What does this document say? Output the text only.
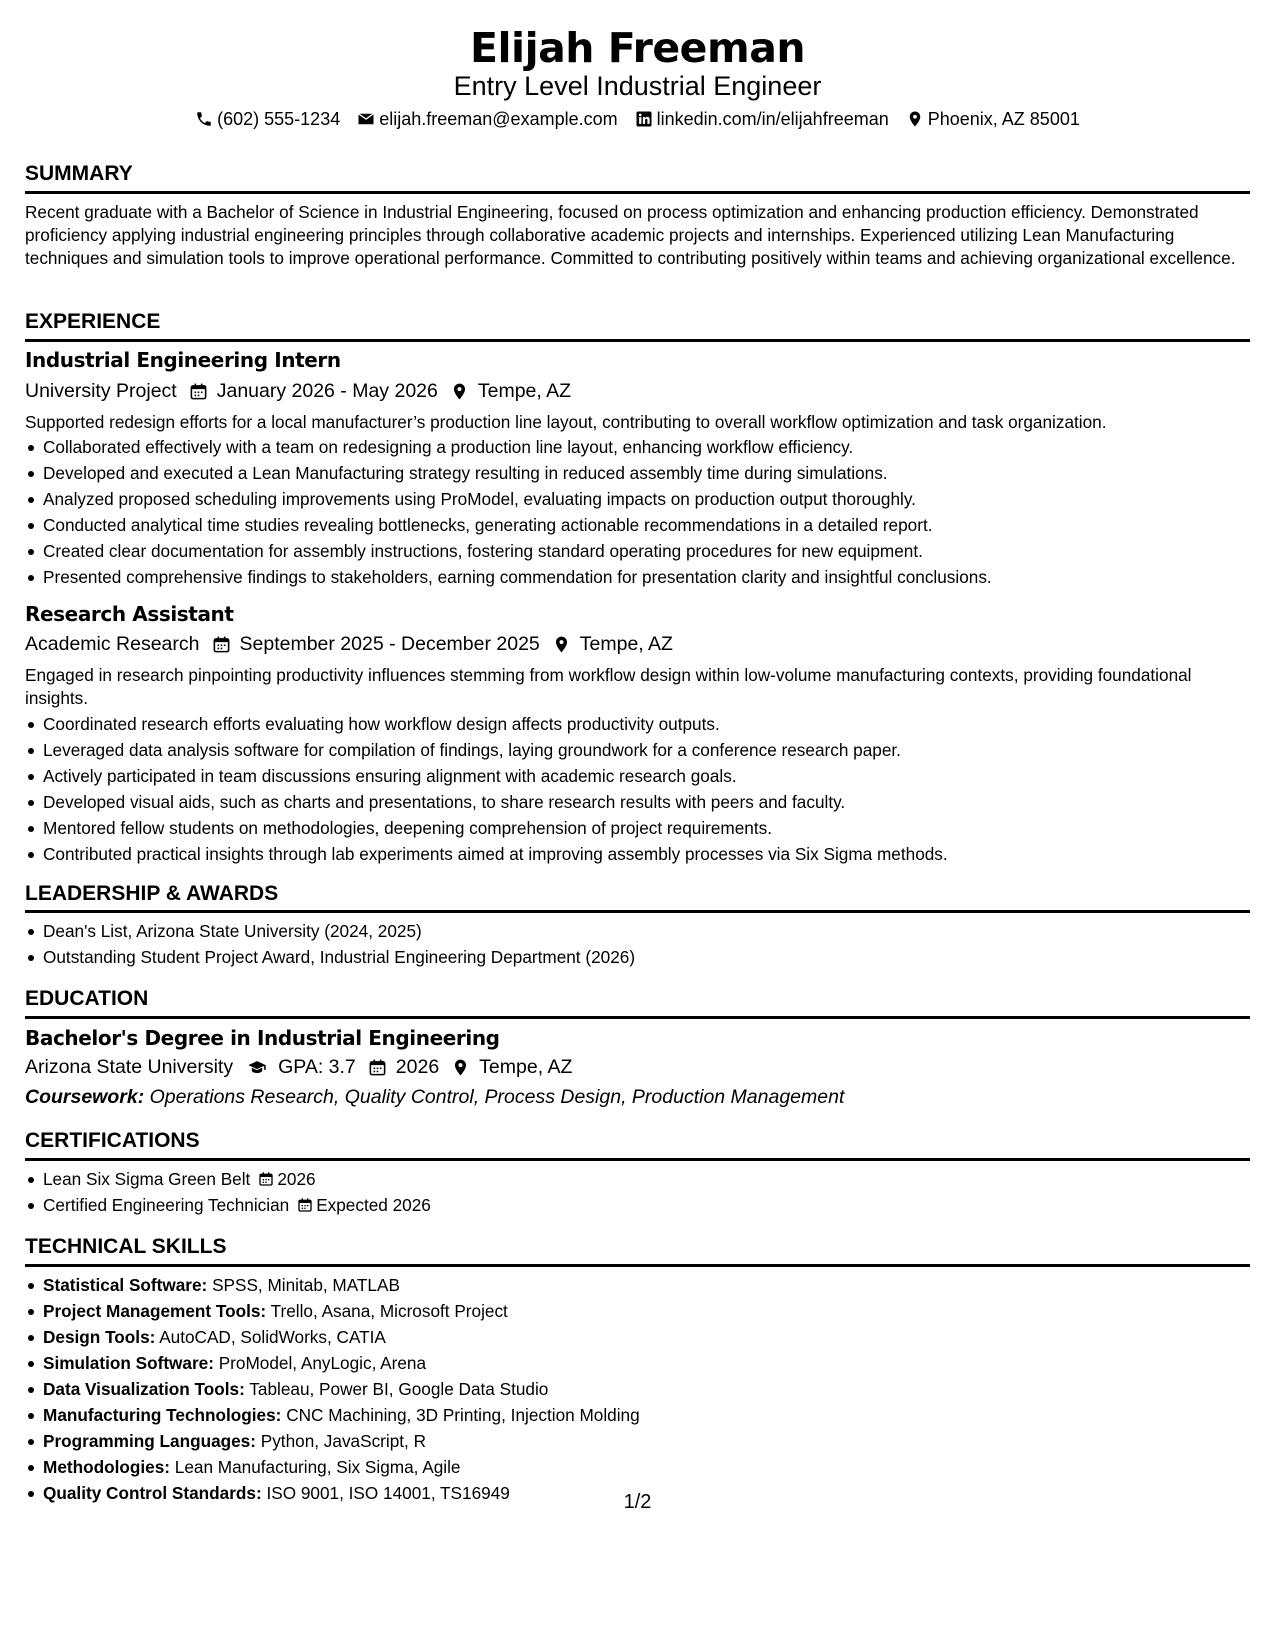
Elijah Freeman
Entry Level Industrial Engineer
(602) 555-1234 elijah.freeman@example.com linkedin.com/in/elijahfreeman Phoenix, AZ 85001
SUMMARY

Recent graduate with a Bachelor of Science in Industrial Engineering, focused on process optimization and enhancing production efficiency. Demonstrated proficiency applying industrial engineering principles through collaborative academic projects and internships. Experienced utilizing Lean Manufacturing techniques and simulation tools to improve operational performance. Committed to contributing positively within teams and achieving organizational excellence.

EXPERIENCE
Industrial Engineering Intern
University Project January 2026 - May 2026 Tempe, AZ

Supported redesign efforts for a local manufacturer’s production line layout, contributing to overall workflow optimization and task organization.

Collaborated effectively with a team on redesigning a production line layout, enhancing workflow efficiency.
Developed and executed a Lean Manufacturing strategy resulting in reduced assembly time during simulations.
Analyzed proposed scheduling improvements using ProModel, evaluating impacts on production output thoroughly.
Conducted analytical time studies revealing bottlenecks, generating actionable recommendations in a detailed report.
Created clear documentation for assembly instructions, fostering standard operating procedures for new equipment.
Presented comprehensive findings to stakeholders, earning commendation for presentation clarity and insightful conclusions.
Research Assistant
Academic Research September 2025 - December 2025 Tempe, AZ

Engaged in research pinpointing productivity influences stemming from workflow design within low-volume manufacturing contexts, providing foundational insights.

Coordinated research efforts evaluating how workflow design affects productivity outputs.
Leveraged data analysis software for compilation of findings, laying groundwork for a conference research paper.
Actively participated in team discussions ensuring alignment with academic research goals.
Developed visual aids, such as charts and presentations, to share research results with peers and faculty.
Mentored fellow students on methodologies, deepening comprehension of project requirements.
Contributed practical insights through lab experiments aimed at improving assembly processes via Six Sigma methods.
LEADERSHIP & AWARDS
Dean's List, Arizona State University (2024, 2025)
Outstanding Student Project Award, Industrial Engineering Department (2026)
EDUCATION
Bachelor's Degree in Industrial Engineering
Arizona State University GPA: 3.7 2026 Tempe, AZ
Coursework: Operations Research, Quality Control, Process Design, Production Management
CERTIFICATIONS
Lean Six Sigma Green Belt 2026
Certified Engineering Technician Expected 2026
TECHNICAL SKILLS
Statistical Software: SPSS, Minitab, MATLAB
Project Management Tools: Trello, Asana, Microsoft Project
Design Tools: AutoCAD, SolidWorks, CATIA
Simulation Software: ProModel, AnyLogic, Arena
Data Visualization Tools: Tableau, Power BI, Google Data Studio
Manufacturing Technologies: CNC Machining, 3D Printing, Injection Molding
Programming Languages: Python, JavaScript, R
Methodologies: Lean Manufacturing, Six Sigma, Agile
Quality Control Standards: ISO 9001, ISO 14001, TS16949	1/2
